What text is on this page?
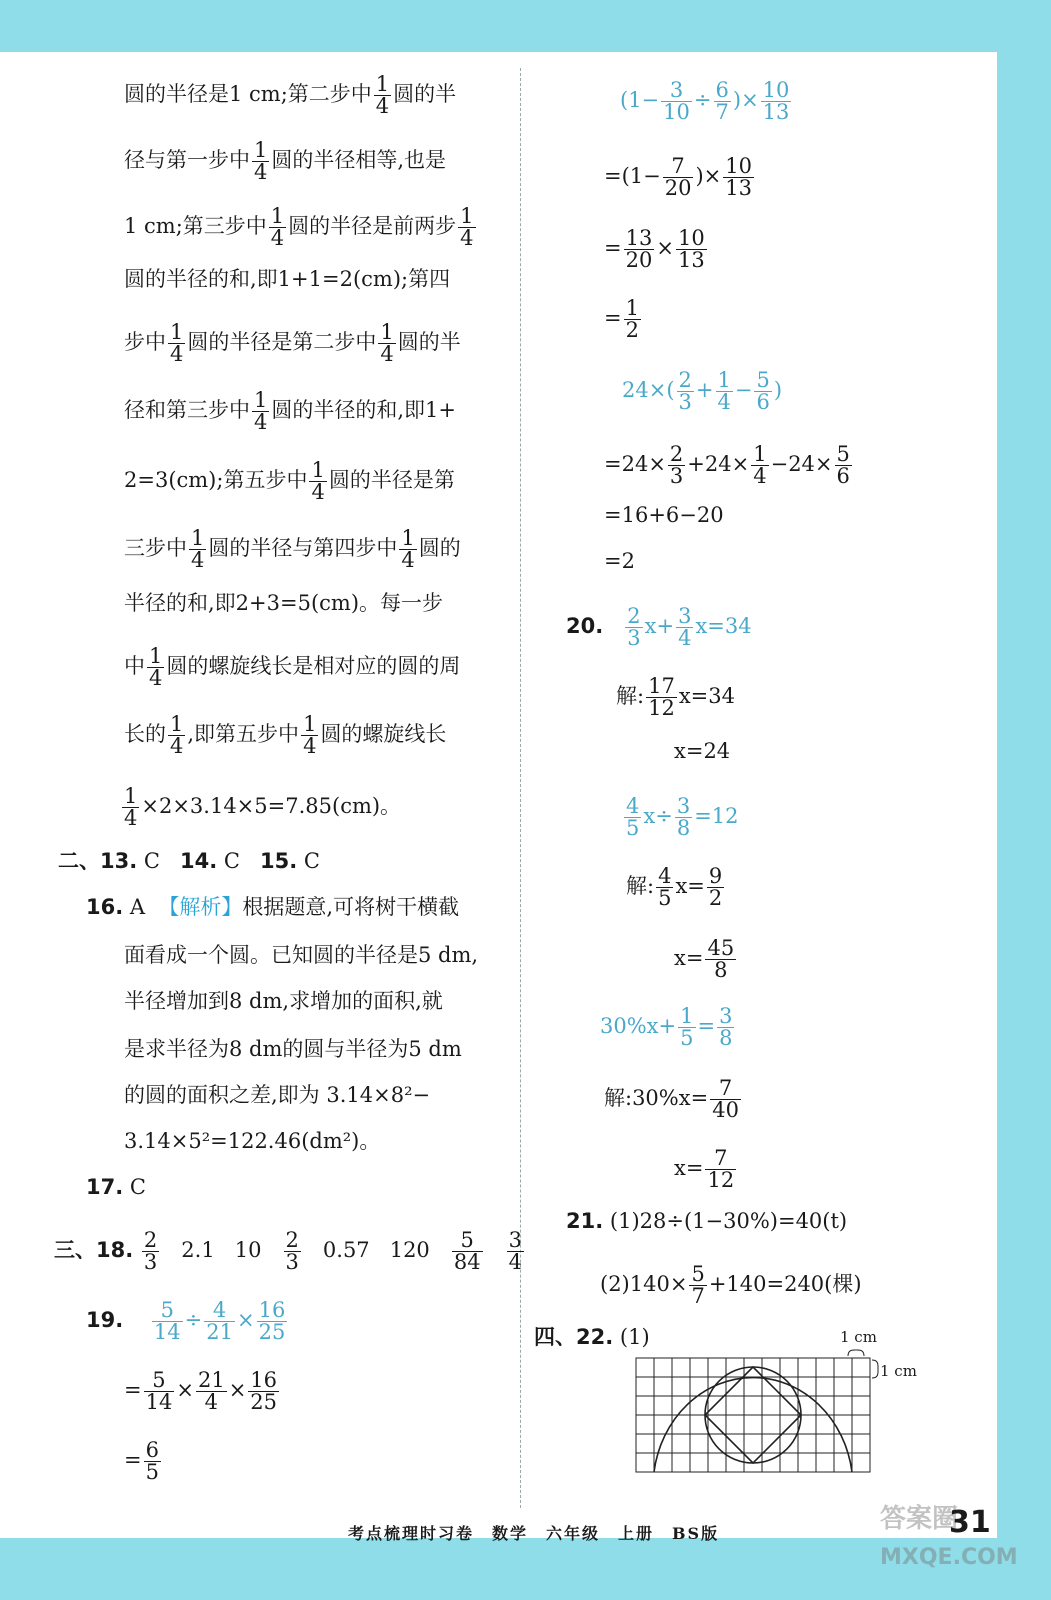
圆的半径是1 cm;第二步中 $\frac{1}{4}$ 圆的半
径与第一步中 $\frac{1}{4}$ 圆的半径相等,也是
1 cm;第三步中 $\frac{1}{4}$ 圆的半径是前两步 $\frac{1}{4}$
圆的半径的和,即1+1=2(cm);第四
步中 $\frac{1}{4}$ 圆的半径是第二步中 $\frac{1}{4}$ 圆的半
径和第三步中 $\frac{1}{4}$ 圆的半径的和,即1+
2=3(cm);第五步中 $\frac{1}{4}$ 圆的半径是第
三步中 $\frac{1}{4}$ 圆的半径与第四步中 $\frac{1}{4}$ 圆的
半径的和,即2+3=5(cm)。每一步
中 $\frac{1}{4}$ 圆的螺旋线长是相对应的圆的周
长的 $\frac{1}{4}$ ,即第五步中 $\frac{1}{4}$ 圆的螺旋线长
$\frac{1}{4} \times 2\times 3.14\times 5=7.85(cm)$。
二、13. C 14. C 15. C
16. A 【解析】根据题意,可将树干横截
面看成一个圆。已知圆的半径是5 dm,
半径增加到8 dm,求增加的面积,就
是求半径为8 dm的圆与半径为5 dm
的圆的面积之差,即为 3.14×8²−
3.14×5²=122.46(dm²)。
17. C
三、18. $\frac{2}{3} 2.1$ $10 \frac{2}{3} 0.57$ $120 \frac{5}{84}$
$\frac{3}{4}$
19. $\frac{5}{14} \div \frac{4}{21} \times \frac{16}{25}$
= $\frac{5}{14} \times \frac{21}{4} \times \frac{16}{25}$
= $\frac{6}{5}$
($1- \frac{3}{10} \div \frac{6}{7}$ )× $\frac{10}{13}$
$=(1- \frac{7}{20}$ )× $\frac{10}{13}$
= $\frac{13}{20} \times \frac{10}{13}$
= $\frac{1}{2}$
$24\times( \frac{2}{3} + \frac{1}{4} - \frac{5}{6}$ )
$=24\times \frac{2}{3} +24\times \frac{1}{4} -24\times \frac{5}{6}$
=16+6−20
=2
20. $\frac{2}{3} x+ \frac{3}{4} x=34$
解: $\frac{17}{12} x=34$
x=24
$\frac{4}{5} x\div \frac{3}{8} =12$
解: $\frac{4}{5} x= \frac{9}{2}$
$x= \frac{45}{8}$
$30\%x+ \frac{1}{5} = \frac{3}{8}$
解:30%x= $\frac{7}{40}$
$x= \frac{7}{12}$
21. (1)28÷(1−30%)=40(t)
$(2)140\times \frac{5}{7} +140=240$(棵)
四、22. (1)	1 cm
1 cm
考点梳理时习卷　数学　六年级　上册　BS版	答案圈
31
MXQE.COM
